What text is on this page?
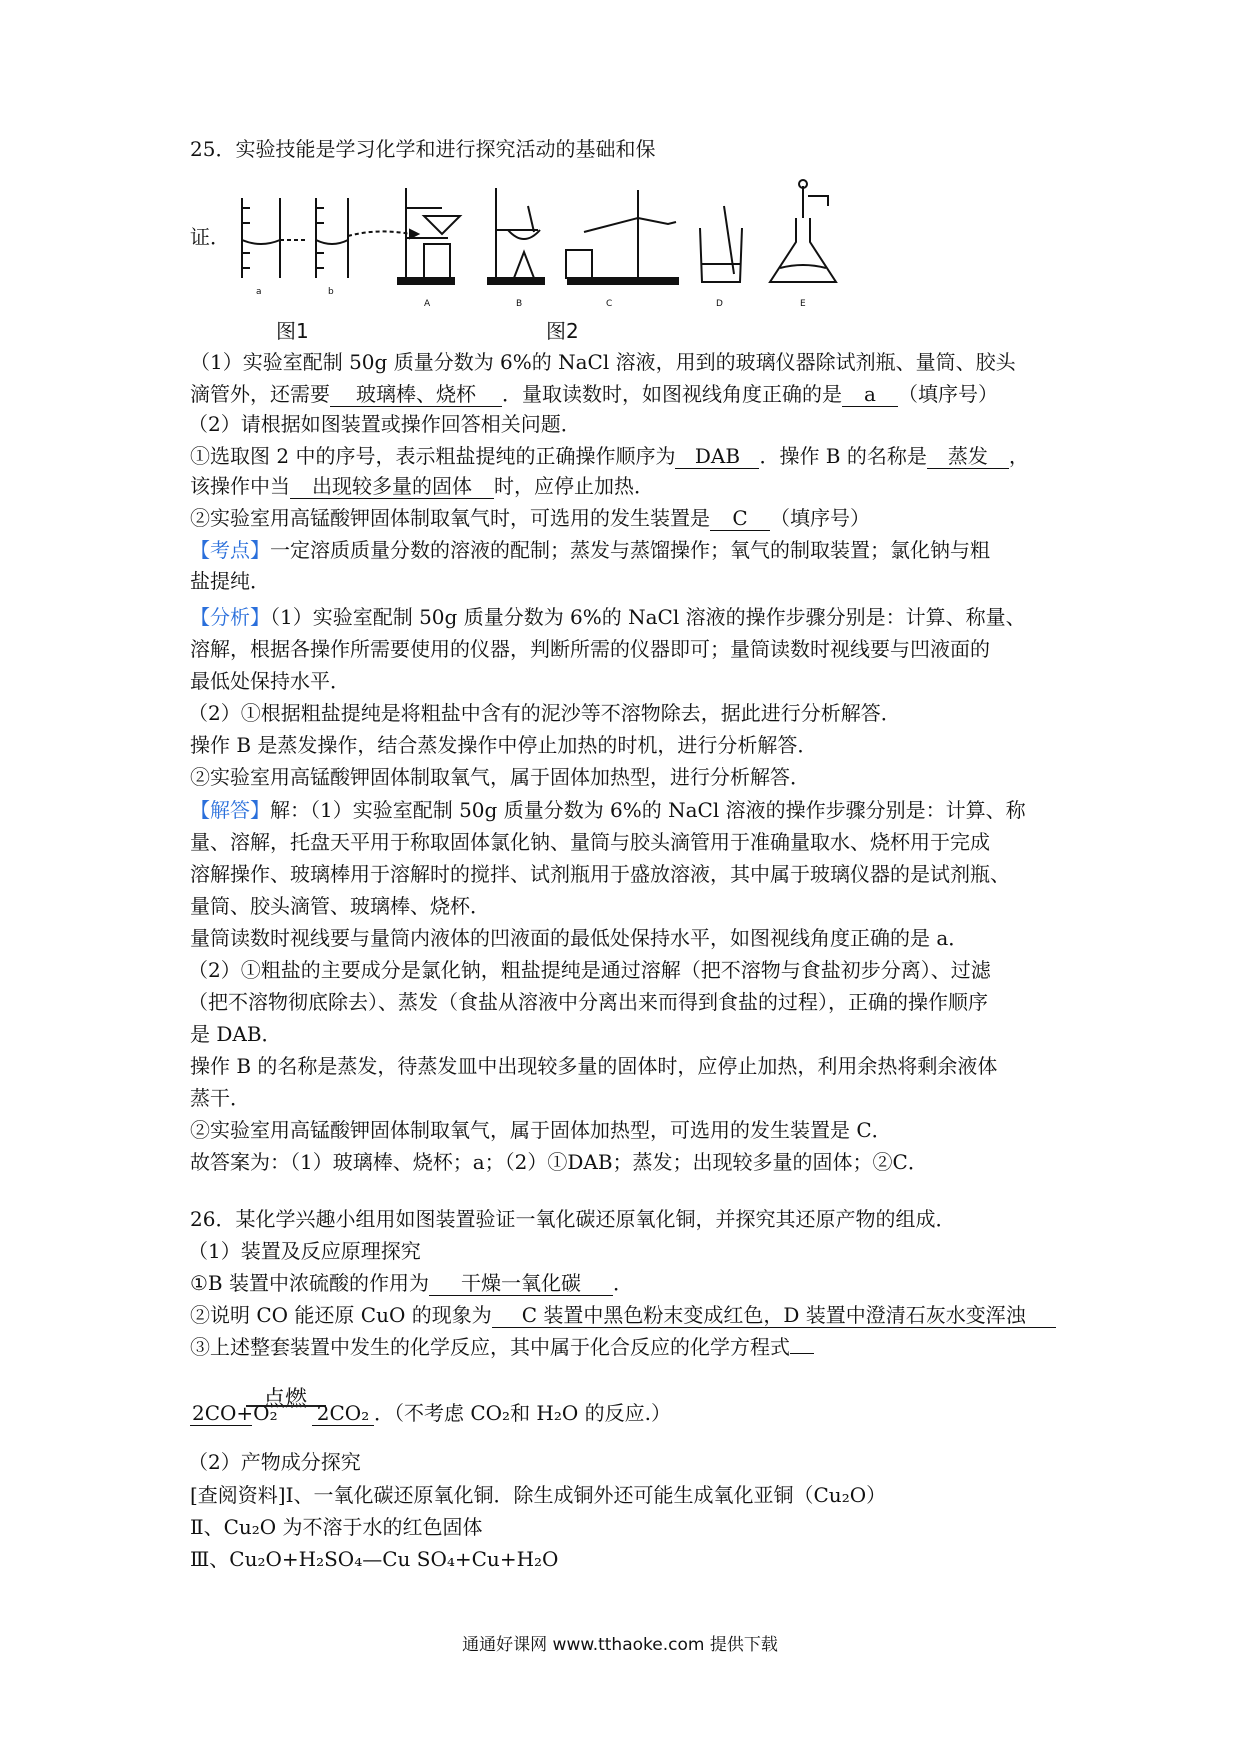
25．实验技能是学习化学和进行探究活动的基础和保
证．
a	b
A	B	C	D	E
图1	图2
（1）实验室配制 50g 质量分数为 6%的 NaCl 溶液，用到的玻璃仪器除试剂瓶、量筒、胶头
滴管外，还需要 玻璃棒、烧杯 ．量取读数时，如图视线角度正确的是 a （填序号）
（2）请根据如图装置或操作回答相关问题．
①选取图 2 中的序号，表示粗盐提纯的正确操作顺序为 DAB ．操作 B 的名称是 蒸发 ，
该操作中当 出现较多量的固体 时，应停止加热．
②实验室用高锰酸钾固体制取氧气时，可选用的发生装置是 C （填序号）
【考点】一定溶质质量分数的溶液的配制；蒸发与蒸馏操作；氧气的制取装置；氯化钠与粗
盐提纯．
【分析】（1）实验室配制 50g 质量分数为 6%的 NaCl 溶液的操作步骤分别是：计算、称量、
溶解，根据各操作所需要使用的仪器，判断所需的仪器即可；量筒读数时视线要与凹液面的
最低处保持水平．
（2）①根据粗盐提纯是将粗盐中含有的泥沙等不溶物除去，据此进行分析解答．
操作 B 是蒸发操作，结合蒸发操作中停止加热的时机，进行分析解答．
②实验室用高锰酸钾固体制取氧气，属于固体加热型，进行分析解答．
【解答】解：（1）实验室配制 50g 质量分数为 6%的 NaCl 溶液的操作步骤分别是：计算、称
量、溶解，托盘天平用于称取固体氯化钠、量筒与胶头滴管用于准确量取水、烧杯用于完成
溶解操作、玻璃棒用于溶解时的搅拌、试剂瓶用于盛放溶液，其中属于玻璃仪器的是试剂瓶、
量筒、胶头滴管、玻璃棒、烧杯．
量筒读数时视线要与量筒内液体的凹液面的最低处保持水平，如图视线角度正确的是 a．
（2）①粗盐的主要成分是氯化钠，粗盐提纯是通过溶解（把不溶物与食盐初步分离）、过滤
（把不溶物彻底除去）、蒸发（食盐从溶液中分离出来而得到食盐的过程），正确的操作顺序
是 DAB．
操作 B 的名称是蒸发，待蒸发皿中出现较多量的固体时，应停止加热，利用余热将剩余液体
蒸干．
②实验室用高锰酸钾固体制取氧气，属于固体加热型，可选用的发生装置是 C．
故答案为：（1）玻璃棒、烧杯；a；（2）①DAB；蒸发；出现较多量的固体；②C．
26．某化学兴趣小组用如图装置验证一氧化碳还原氧化铜，并探究其还原产物的组成．
（1）装置及反应原理探究
①B 装置中浓硫酸的作用为 干燥一氧化碳 ．
②说明 CO 能还原 CuO 的现象为 C 装置中黑色粉末变成红色，D 装置中澄清石灰水变浑浊
③上述整套装置中发生的化学反应，其中属于化合反应的化学方程式
点燃
2CO+O₂ 2CO₂ ．（不考虑 CO₂和 H₂O 的反应.）
（2）产物成分探究
[查阅资料]Ⅰ、一氧化碳还原氧化铜．除生成铜外还可能生成氧化亚铜（Cu₂O）
Ⅱ、Cu₂O 为不溶于水的红色固体
Ⅲ、Cu₂O+H₂SO₄—Cu SO₄+Cu+H₂O
通通好课网 www.tthaoke.com 提供下载
